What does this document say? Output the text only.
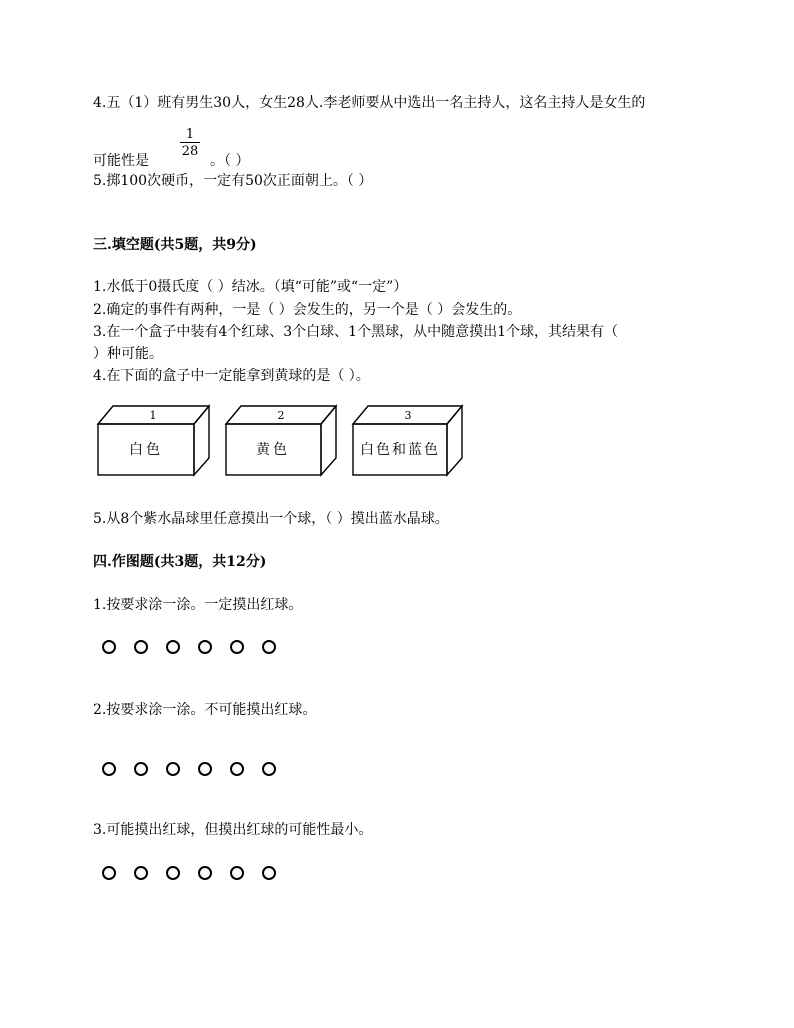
4.五（1）班有男生30人，女生28人.李老师要从中选出一名主持人，这名主持人是女生的
1
28
可能性是	。（ ）
5.掷100次硬币，一定有50次正面朝上。（ ）
三.填空题(共5题，共9分)
1.水低于0摄氏度（ ）结冰。（填“可能”或“一定”）
2.确定的事件有两种，一是（ ）会发生的，另一个是（ ）会发生的。
3.在一个盒子中装有4个红球、3个白球、1个黑球，从中随意摸出1个球，其结果有（
）种可能。
4.在下面的盒子中一定能拿到黄球的是（ ）。
1
白色
2
黄色
3
白色和蓝色
5.从8个紫水晶球里任意摸出一个球，（ ）摸出蓝水晶球。
四.作图题(共3题，共12分)
1.按要求涂一涂。一定摸出红球。
2.按要求涂一涂。不可能摸出红球。
3.可能摸出红球，但摸出红球的可能性最小。
